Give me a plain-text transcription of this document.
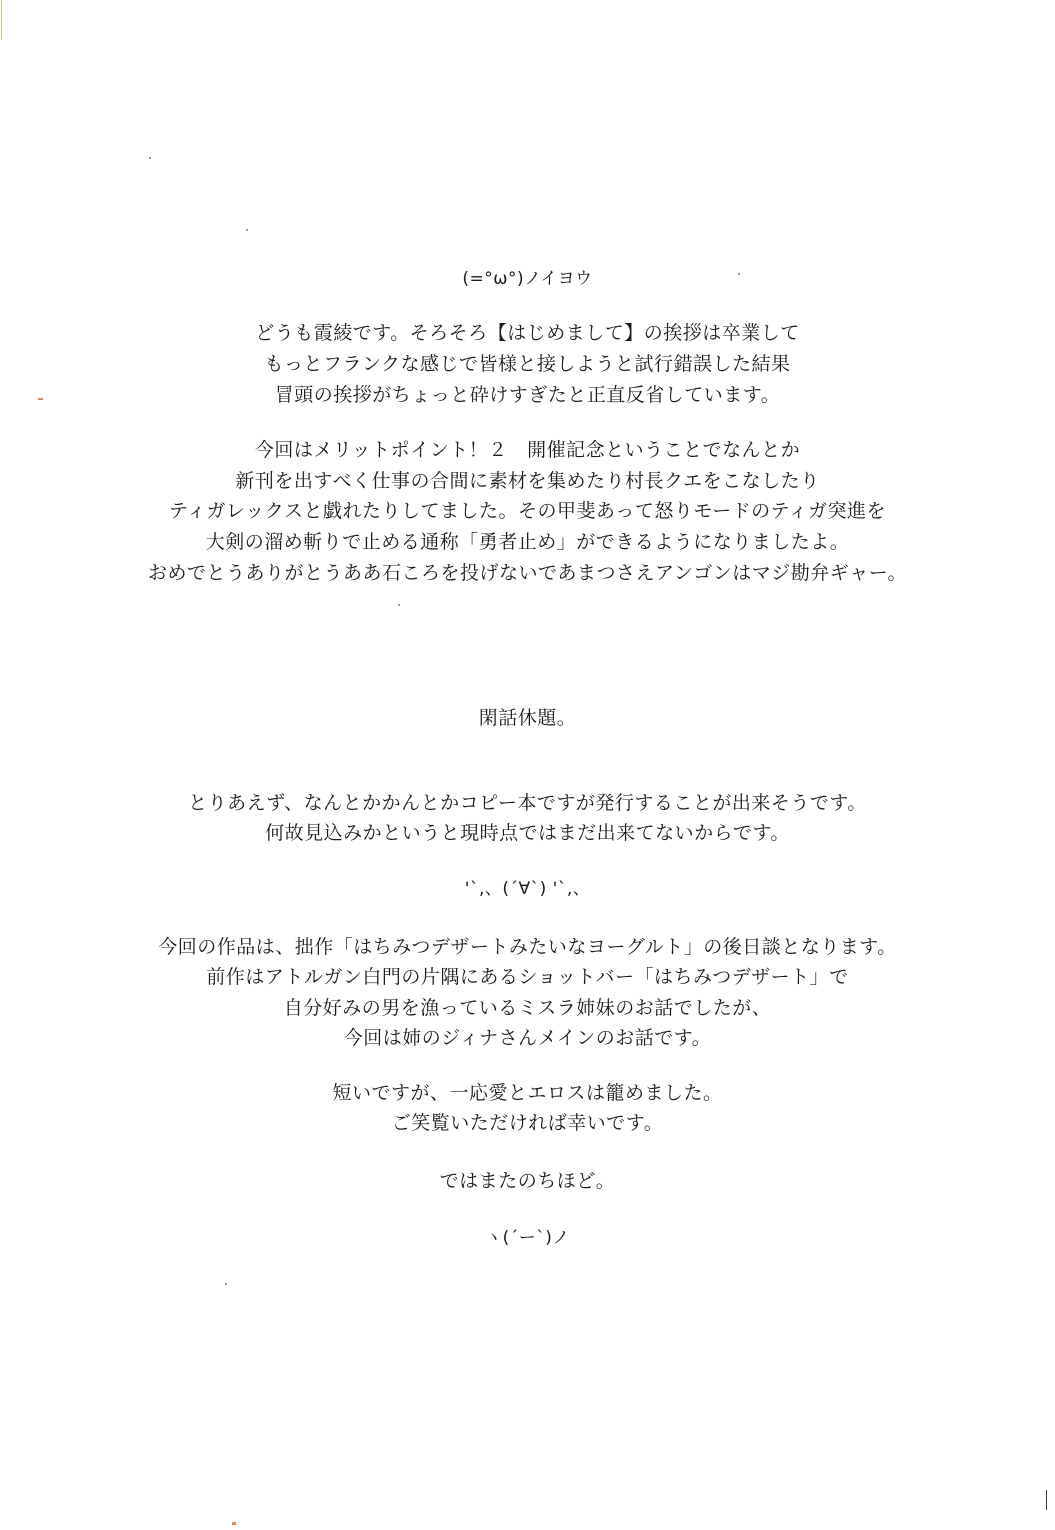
(=°ω°)ノイヨウ
どうも霞綾です。そろそろ【はじめまして】の挨拶は卒業して
もっとフランクな感じで皆様と接しようと試行錯誤した結果
冒頭の挨拶がちょっと砕けすぎたと正直反省しています。
今回はメリットポイント！２　開催記念ということでなんとか
新刊を出すべく仕事の合間に素材を集めたり村長クエをこなしたり
ティガレックスと戯れたりしてました。その甲斐あって怒りモードのティガ突進を
大剣の溜め斬りで止める通称「勇者止め」ができるようになりましたよ。
おめでとうありがとうああ石ころを投げないであまつさえアンゴンはマジ勘弁ギャー。
閑話休題。
とりあえず、なんとかかんとかコピー本ですが発行することが出来そうです。
何故見込みかというと現時点ではまだ出来てないからです。
'`,、(´∀`) '`,、
今回の作品は、拙作「はちみつデザートみたいなヨーグルト」の後日談となります。
前作はアトルガン白門の片隅にあるショットバー「はちみつデザート」で
自分好みの男を漁っているミスラ姉妹のお話でしたが、
今回は姉のジィナさんメインのお話です。
短いですが、一応愛とエロスは籠めました。
ご笑覧いただければ幸いです。
ではまたのちほど。
ヽ(´ー`)ノ
